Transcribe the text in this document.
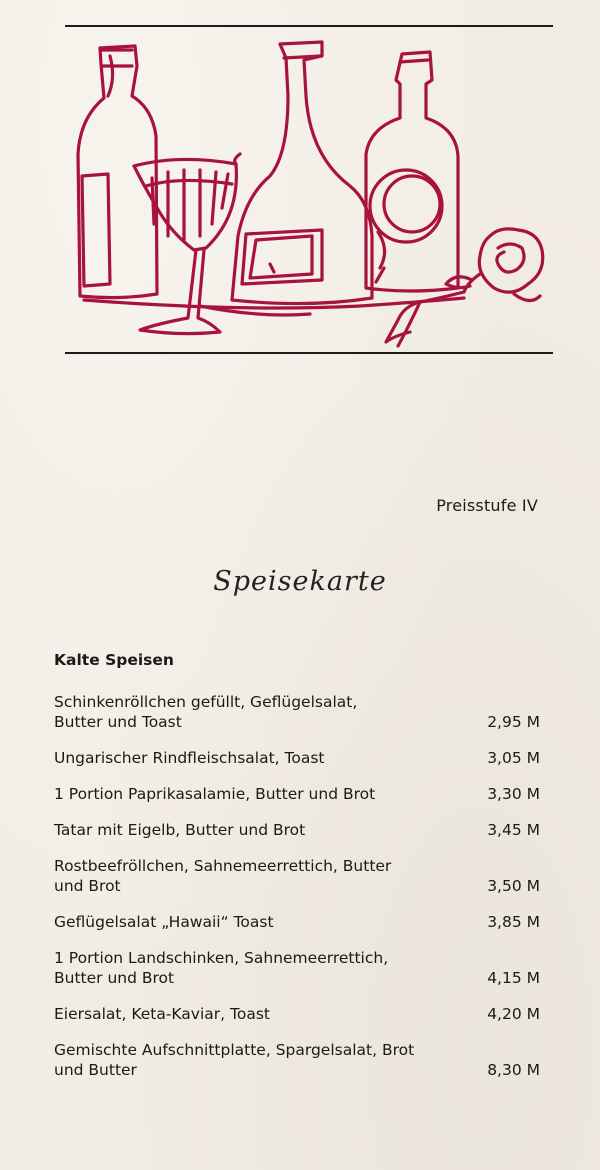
Preisstufe IV
Speisekarte
Kalte Speisen
Schinkenröllchen gefüllt, Geflügelsalat,
Butter und Toast	2,95 M
Ungarischer Rindfleischsalat, Toast	3,05 M
1 Portion Paprikasalamie, Butter und Brot	3,30 M
Tatar mit Eigelb, Butter und Brot	3,45 M
Rostbeefröllchen, Sahnemeerrettich, Butter
und Brot	3,50 M
Geflügelsalat „Hawaii“ Toast	3,85 M
1 Portion Landschinken, Sahnemeerrettich,
Butter und Brot	4,15 M
Eiersalat, Keta-Kaviar, Toast	4,20 M
Gemischte Aufschnittplatte, Spargelsalat, Brot
und Butter	8,30 M
